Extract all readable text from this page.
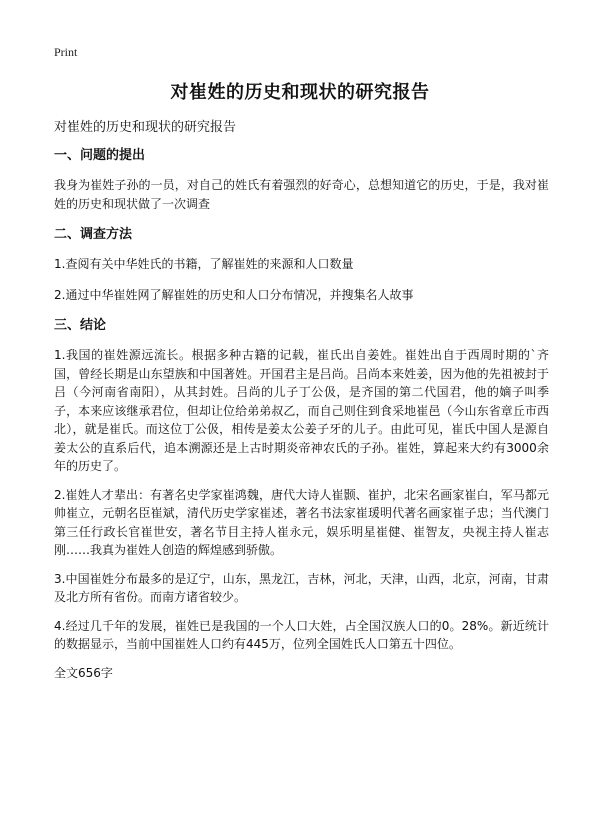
Print
对崔姓的历史和现状的研究报告

对崔姓的历史和现状的研究报告

一、问题的提出

我身为崔姓子孙的一员，对自己的姓氏有着强烈的好奇心，总想知道它的历史，于是，我对崔姓的历史和现状做了一次调查

二、调查方法

1.查阅有关中华姓氏的书籍，了解崔姓的来源和人口数量

2.通过中华崔姓网了解崔姓的历史和人口分布情况，并搜集名人故事

三、结论

1.我国的崔姓源远流长。根据多种古籍的记载，崔氏出自姜姓。崔姓出自于西周时期的`齐国，曾经长期是山东望族和中国著姓。开国君主是吕尚。吕尚本来姓姜，因为他的先祖被封于吕（今河南省南阳），从其封姓。吕尚的儿子丁公伋，是齐国的第二代国君，他的嫡子叫季子，本来应该继承君位，但却让位给弟弟叔乙，而自己则住到食采地崔邑（今山东省章丘市西北），就是崔氏。而这位丁公伋，相传是姜太公姜子牙的儿子。由此可见，崔氏中国人是源自姜太公的直系后代，追本溯源还是上古时期炎帝神农氏的子孙。崔姓，算起来大约有3000余年的历史了。

2.崔姓人才辈出：有著名史学家崔鸿魏，唐代大诗人崔颢、崔护，北宋名画家崔白，军马都元帅崔立，元朝名臣崔斌，清代历史学家崔述，著名书法家崔瑗明代著名画家崔子忠；当代澳门第三任行政长官崔世安，著名节目主持人崔永元，娱乐明星崔健、崔智友，央视主持人崔志刚……我真为崔姓人创造的辉煌感到骄傲。

3.中国崔姓分布最多的是辽宁，山东，黑龙江，吉林，河北，天津，山西，北京，河南，甘肃及北方所有省份。而南方诸省较少。

4.经过几千年的发展，崔姓已是我国的一个人口大姓，占全国汉族人口的0。28%。新近统计的数据显示，当前中国崔姓人口约有445万，位列全国姓氏人口第五十四位。

全文656字
